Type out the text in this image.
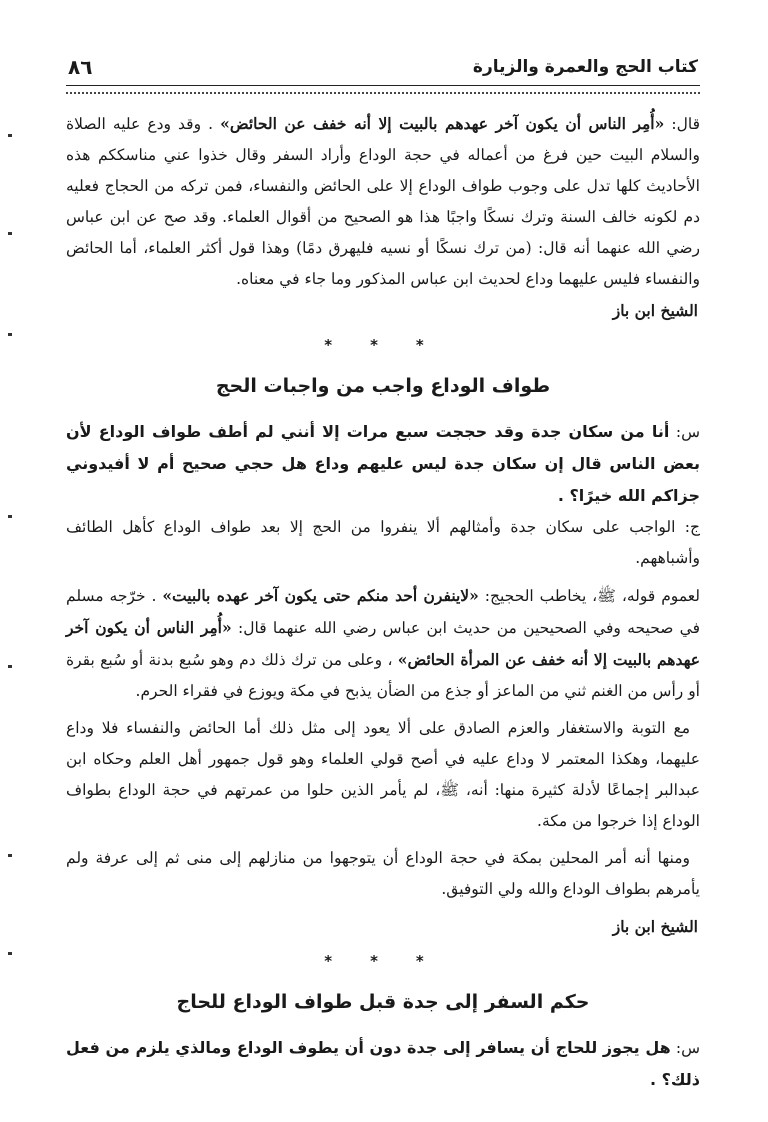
٨٦	كتاب الحج والعمرة والزيارة

قال: «أُمِر الناس أن يكون آخر عهدهم بالبيت إلا أنه خفف عن الحائض» . وقد ودع عليه الصلاة والسلام البيت حين فرغ من أعماله في حجة الوداع وأراد السفر وقال خذوا عني مناسككم هذه الأحاديث كلها تدل على وجوب طواف الوداع إلا على الحائض والنفساء، فمن تركه من الحجاج فعليه دم لكونه خالف السنة وترك نسكًا واجبًا هذا هو الصحيح من أقوال العلماء. وقد صح عن ابن عباس رضي الله عنهما أنه قال: (من ترك نسكًا أو نسيه فليهرق دمًا) وهذا قول أكثر العلماء، أما الحائض والنفساء فليس عليهما وداع لحديث ابن عباس المذكور وما جاء في معناه.

الشيخ ابن باز

***
طواف الوداع واجب من واجبات الحج

س: أنا من سكان جدة وقد حججت سبع مرات إلا أنني لم أطف طواف الوداع لأن بعض الناس قال إن سكان جدة ليس عليهم وداع هل حجي صحيح أم لا أفيدوني جزاكم الله خيرًا؟ .

ج: الواجب على سكان جدة وأمثالهم ألا ينفروا من الحج إلا بعد طواف الوداع كأهل الطائف وأشباههم.

لعموم قوله، ﷺ، يخاطب الحجيج: «لاينفرن أحد منكم حتى يكون آخر عهده بالبيت» . خرّجه مسلم في صحيحه وفي الصحيحين من حديث ابن عباس رضي الله عنهما قال: «أُمِر الناس أن يكون آخر عهدهم بالبيت إلا أنه خفف عن المرأة الحائض» ، وعلى من ترك ذلك دم وهو سُبع بدنة أو سُبع بقرة أو رأس من الغنم ثني من الماعز أو جذع من الضأن يذبح في مكة ويوزع في فقراء الحرم.

مع التوبة والاستغفار والعزم الصادق على ألا يعود إلى مثل ذلك أما الحائض والنفساء فلا وداع عليهما، وهكذا المعتمر لا وداع عليه في أصح قولي العلماء وهو قول جمهور أهل العلم وحكاه ابن عبدالبر إجماعًا لأدلة كثيرة منها: أنه، ﷺ، لم يأمر الذين حلوا من عمرتهم في حجة الوداع بطواف الوداع إذا خرجوا من مكة.

ومنها أنه أمر المحلين بمكة في حجة الوداع أن يتوجهوا من منازلهم إلى منى ثم إلى عرفة ولم يأمرهم بطواف الوداع والله ولي التوفيق.

الشيخ ابن باز

***
حكم السفر إلى جدة قبل طواف الوداع للحاج

س: هل يجوز للحاج أن يسافر إلى جدة دون أن يطوف الوداع ومالذي يلزم من فعل ذلك؟ .
